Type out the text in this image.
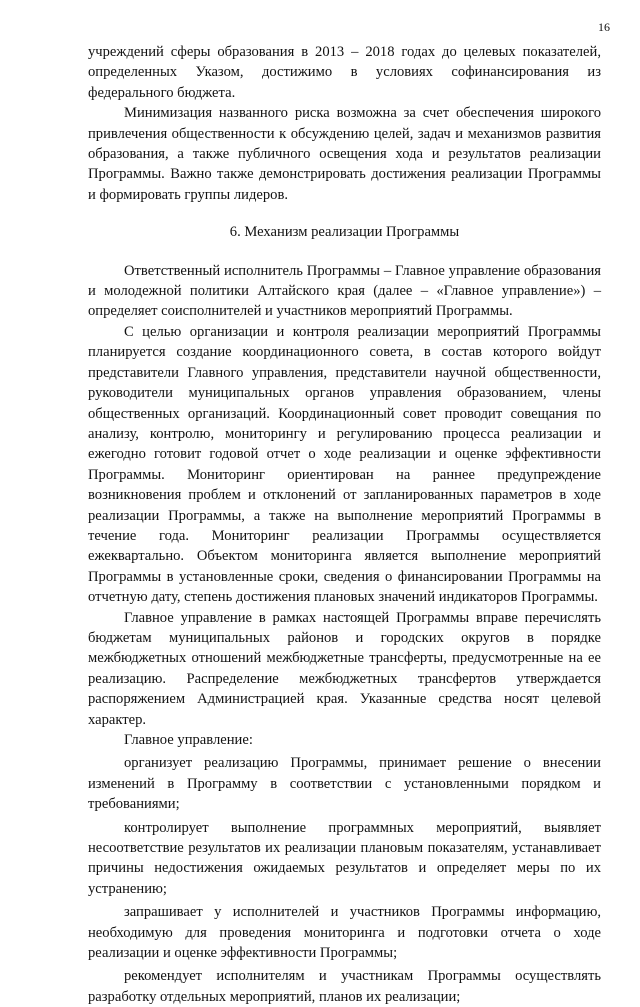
16

учреждений сферы образования в 2013 – 2018 годах до целевых показателей, определенных Указом, достижимо в условиях софинансирования из федерального бюджета.

Минимизация названного риска возможна за счет обеспечения широкого привлечения общественности к обсуждению целей, задач и механизмов развития образования, а также публичного освещения хода и результатов реализации Программы. Важно также демонстрировать достижения реализации Программы и формировать группы лидеров.

6. Механизм реализации Программы

Ответственный исполнитель Программы – Главное управление образования и молодежной политики Алтайского края (далее – «Главное управление») – определяет соисполнителей и участников мероприятий Программы.

С целью организации и контроля реализации мероприятий Программы планируется создание координационного совета, в состав которого войдут представители Главного управления, представители научной общественности, руководители муниципальных органов управления образованием, члены общественных организаций. Координационный совет проводит совещания по анализу, контролю, мониторингу и регулированию процесса реализации и ежегодно готовит годовой отчет о ходе реализации и оценке эффективности Программы. Мониторинг ориентирован на раннее предупреждение возникновения проблем и отклонений от запланированных параметров в ходе реализации Программы, а также на выполнение мероприятий Программы в течение года. Мониторинг реализации Программы осуществляется ежеквартально. Объектом мониторинга является выполнение мероприятий Программы в установленные сроки, сведения о финансировании Программы на отчетную дату, степень достижения плановых значений индикаторов Программы.

Главное управление в рамках настоящей Программы вправе перечислять бюджетам муниципальных районов и городских округов в порядке межбюджетных отношений межбюджетные трансферты, предусмотренные на ее реализацию. Распределение межбюджетных трансфертов утверждается распоряжением Администрацией края. Указанные средства носят целевой характер.

Главное управление:

организует реализацию Программы, принимает решение о внесении изменений в Программу в соответствии с установленными порядком и требованиями;

контролирует выполнение программных мероприятий, выявляет несоответствие результатов их реализации плановым показателям, устанавливает причины недостижения ожидаемых результатов и определяет меры по их устранению;

запрашивает у исполнителей и участников Программы информацию, необходимую для проведения мониторинга и подготовки отчета о ходе реализации и оценке эффективности Программы;

рекомендует исполнителям и участникам Программы осуществлять разработку отдельных мероприятий, планов их реализации;
